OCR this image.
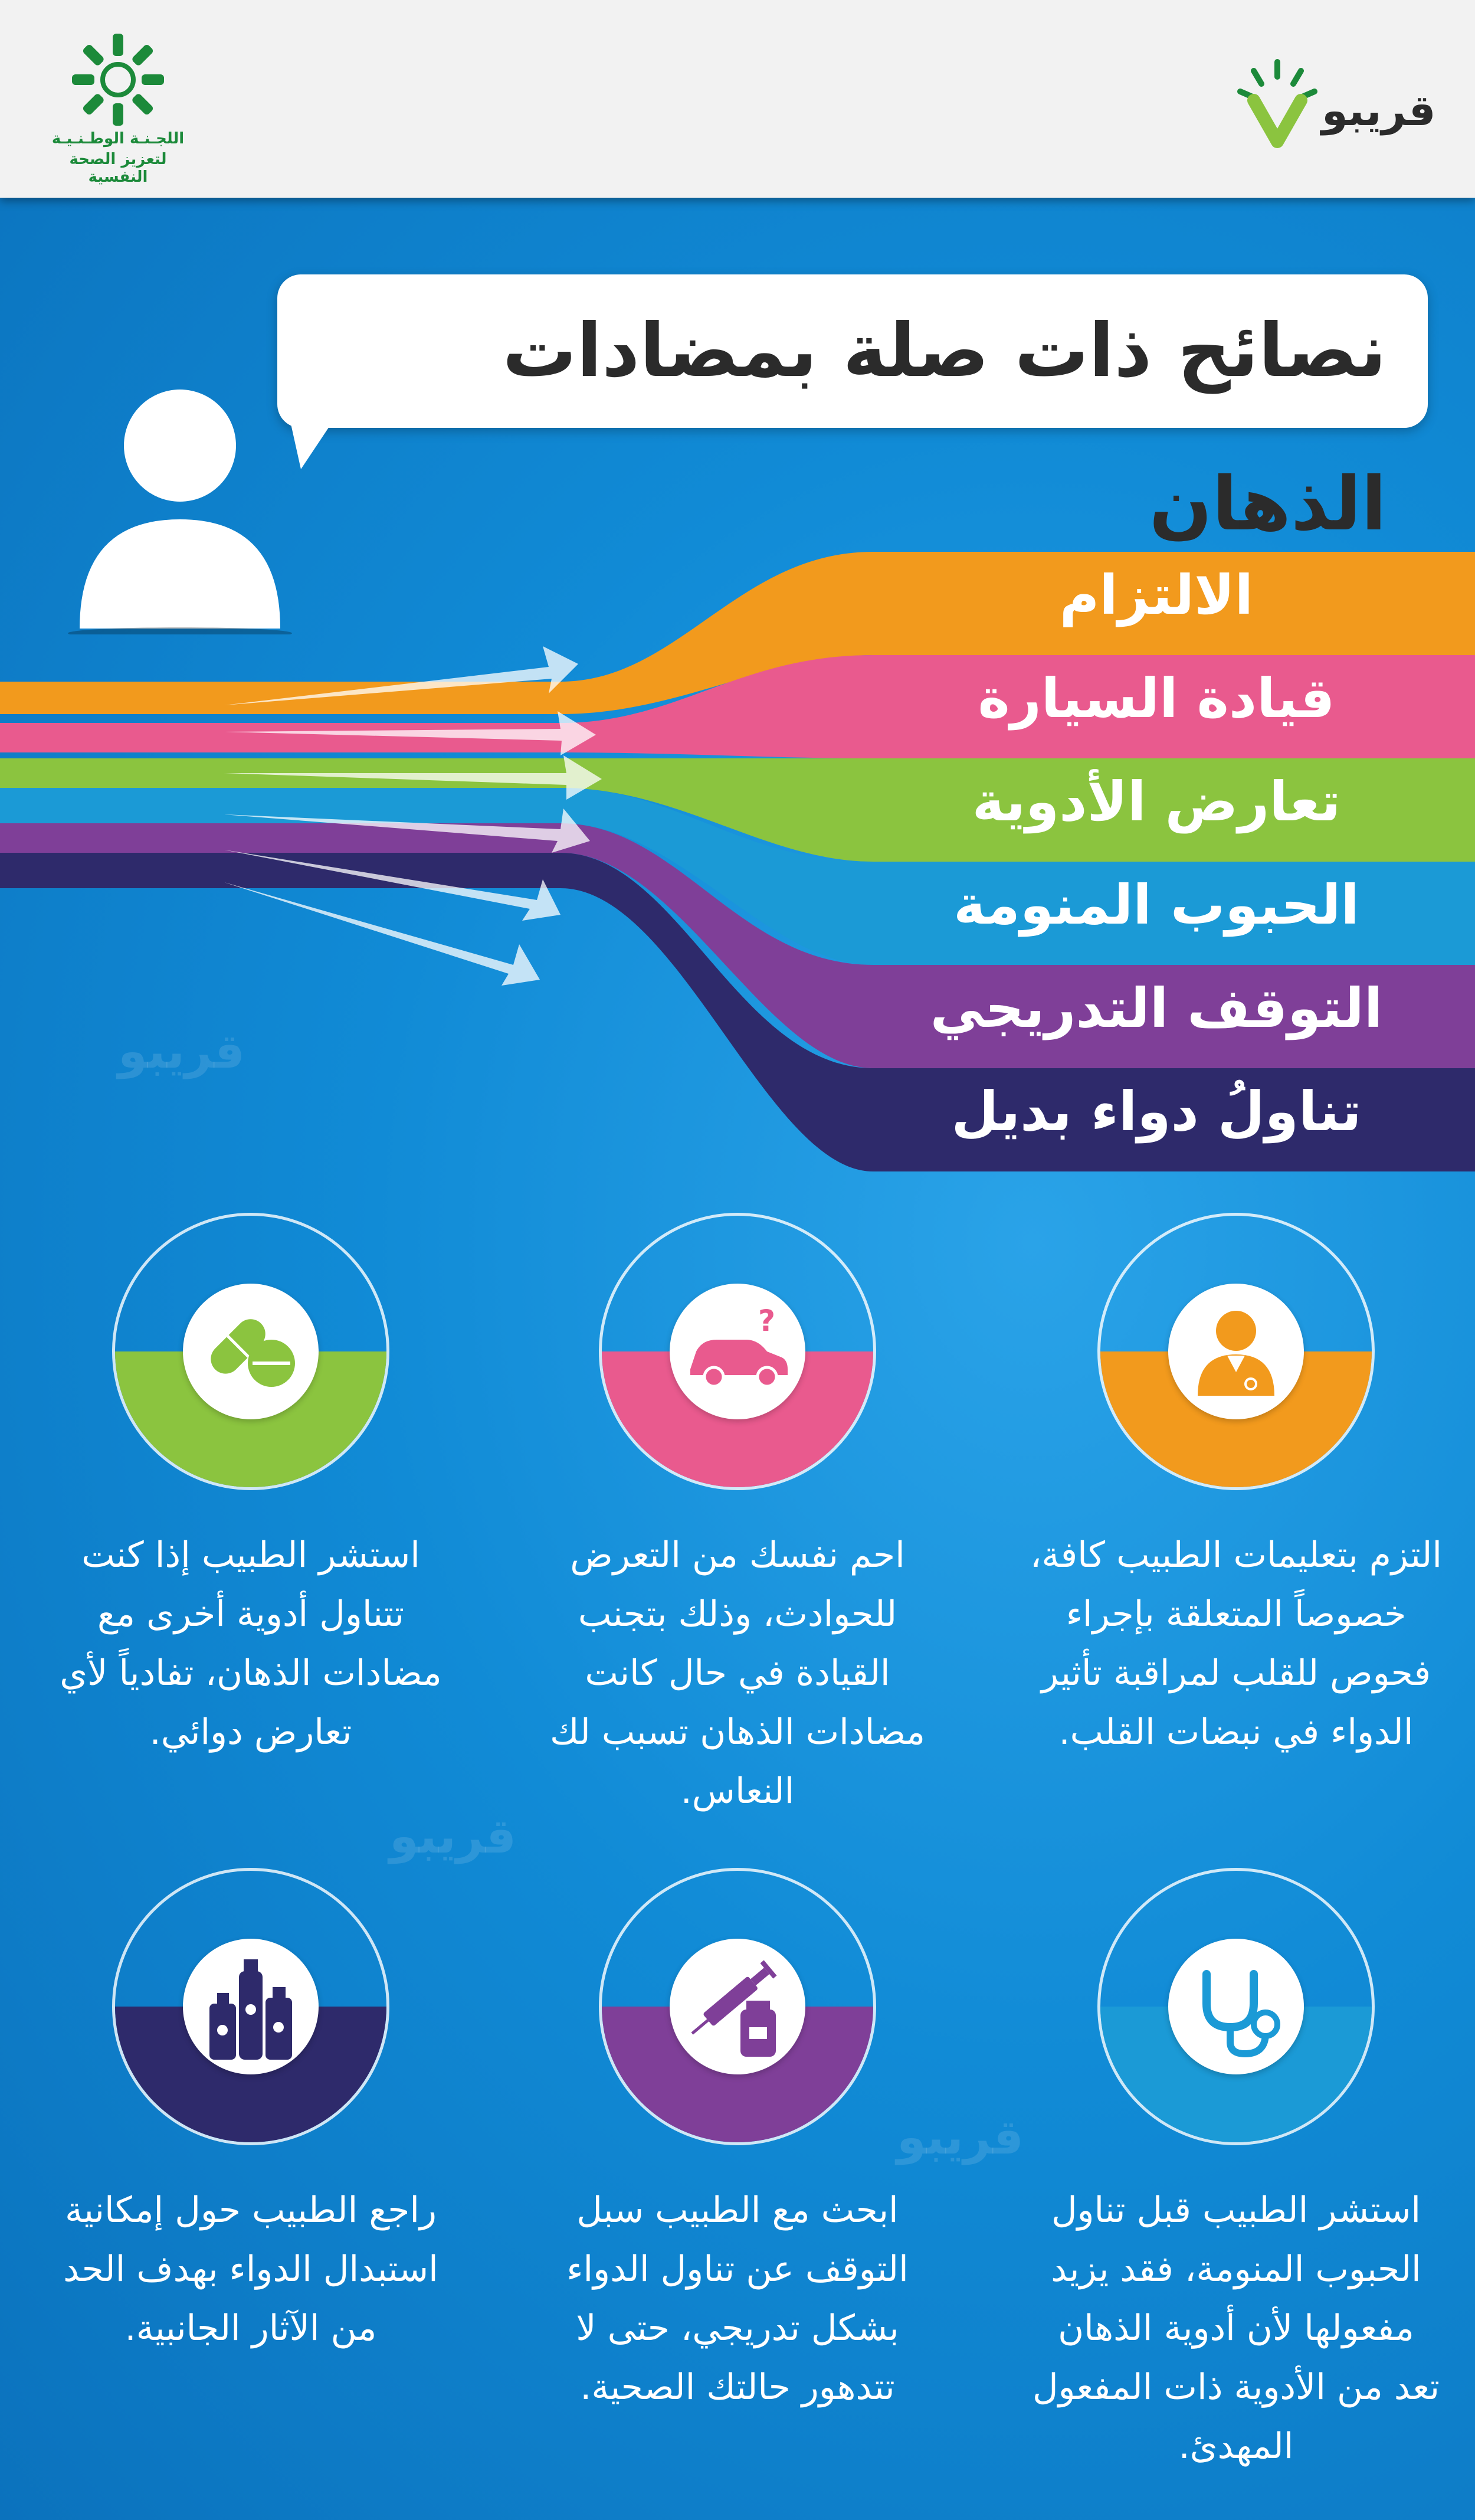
اللجـنـة الوطـنـيـة
لتعزيز الصحة النفسية
قريبو
قريبو
قريبو
قريبو
نصائح ذات صلة بمضادات الذهان
الالتزام
قيادة السيارة
تعارض الأدوية
الحبوب المنومة
التوقف التدريجي
تناولُ دواء بديل
?
التزم بتعليمات الطبيب كافة، خصوصاً المتعلقة بإجراء فحوص للقلب لمراقبة تأثير الدواء في نبضات القلب.
احم نفسك من التعرض للحوادث، وذلك بتجنب القيادة في حال كانت مضادات الذهان تسبب لك النعاس.
استشر الطبيب إذا كنت تتناول أدوية أخرى مع مضادات الذهان، تفادياً لأي تعارض دوائي.
استشر الطبيب قبل تناول الحبوب المنومة، فقد يزيد مفعولها لأن أدوية الذهان تعد من الأدوية ذات المفعول المهدئ.
ابحث مع الطبيب سبل التوقف عن تناول الدواء بشكل تدريجي، حتى لا تتدهور حالتك الصحية.
راجع الطبيب حول إمكانية استبدال الدواء بهدف الحد من الآثار الجانبية.
